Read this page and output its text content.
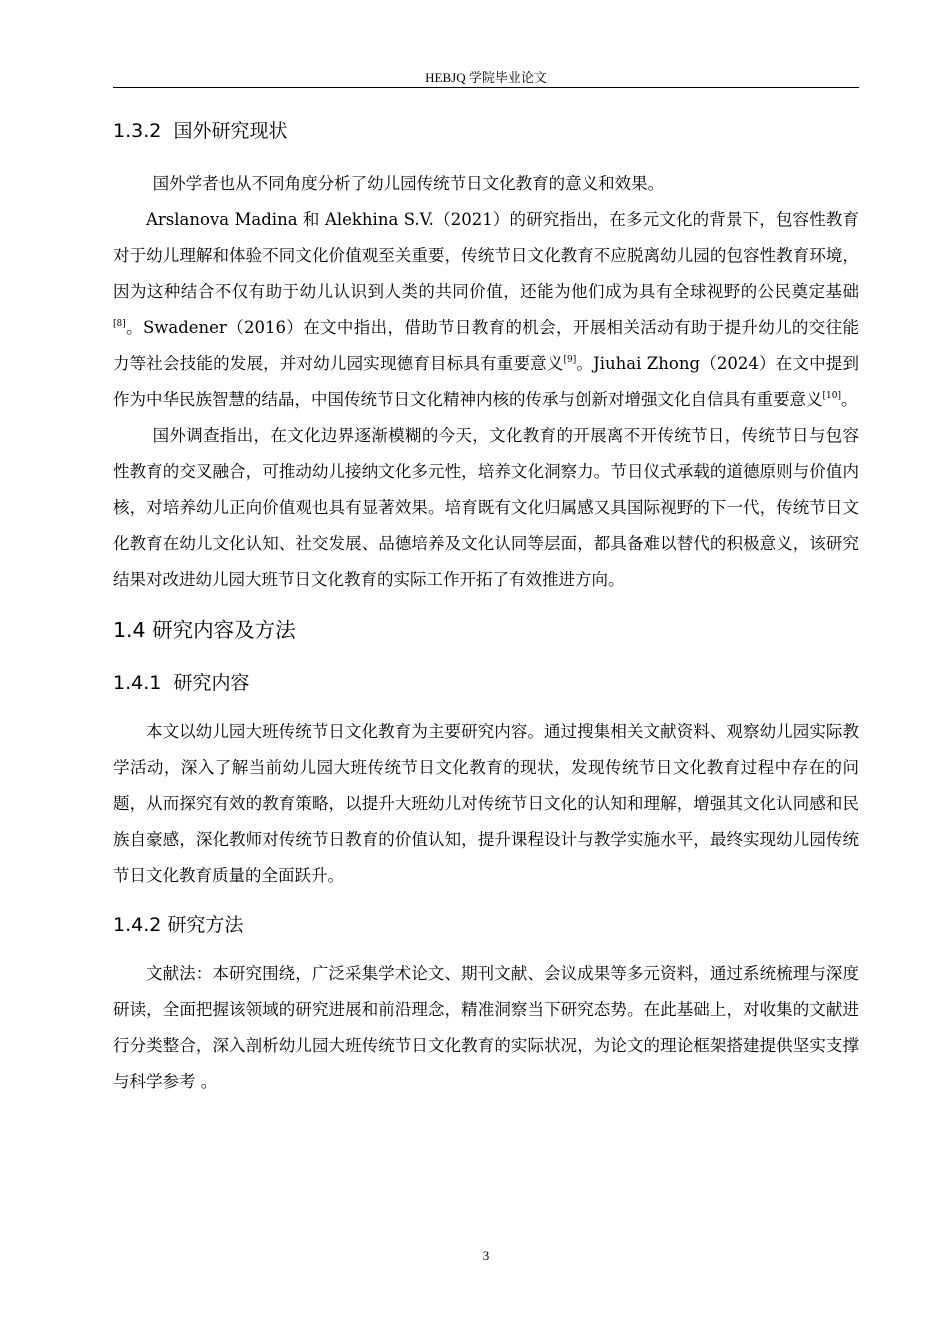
HEBJQ 学院毕业论文
1.3.2 国外研究现状

国外学者也从不同角度分析了幼儿园传统节日文化教育的意义和效果。

Arslanova Madina 和 Alekhina S.V.（2021）的研究指出，在多元文化的背景下，包容性教育对于幼儿理解和体验不同文化价值观至关重要，传统节日文化教育不应脱离幼儿园的包容性教育环境，因为这种结合不仅有助于幼儿认识到人类的共同价值，还能为他们成为具有全球视野的公民奠定基础[8]。Swadener（2016）在文中指出，借助节日教育的机会，开展相关活动有助于提升幼儿的交往能力等社会技能的发展，并对幼儿园实现德育目标具有重要意义[9]。Jiuhai Zhong（2024）在文中提到作为中华民族智慧的结晶，中国传统节日文化精神内核的传承与创新对增强文化自信具有重要意义[10]。

国外调查指出，在文化边界逐渐模糊的今天，文化教育的开展离不开传统节日，传统节日与包容性教育的交叉融合，可推动幼儿接纳文化多元性，培养文化洞察力。节日仪式承载的道德原则与价值内核，对培养幼儿正向价值观也具有显著效果。培育既有文化归属感又具国际视野的下一代，传统节日文化教育在幼儿文化认知、社交发展、品德培养及文化认同等层面，都具备难以替代的积极意义，该研究结果对改进幼儿园大班节日文化教育的实际工作开拓了有效推进方向。

1.4 研究内容及方法
1.4.1 研究内容

本文以幼儿园大班传统节日文化教育为主要研究内容。通过搜集相关文献资料、观察幼儿园实际教学活动，深入了解当前幼儿园大班传统节日文化教育的现状，发现传统节日文化教育过程中存在的问题，从而探究有效的教育策略，以提升大班幼儿对传统节日文化的认知和理解，增强其文化认同感和民族自豪感，深化教师对传统节日教育的价值认知，提升课程设计与教学实施水平，最终实现幼儿园传统节日文化教育质量的全面跃升。

1.4.2 研究方法

文献法：本研究围绕，广泛采集学术论文、期刊文献、会议成果等多元资料，通过系统梳理与深度研读，全面把握该领域的研究进展和前沿理念，精准洞察当下研究态势。在此基础上，对收集的文献进行分类整合，深入剖析幼儿园大班传统节日文化教育的实际状况，为论文的理论框架搭建提供坚实支撑与科学参考 。

3
